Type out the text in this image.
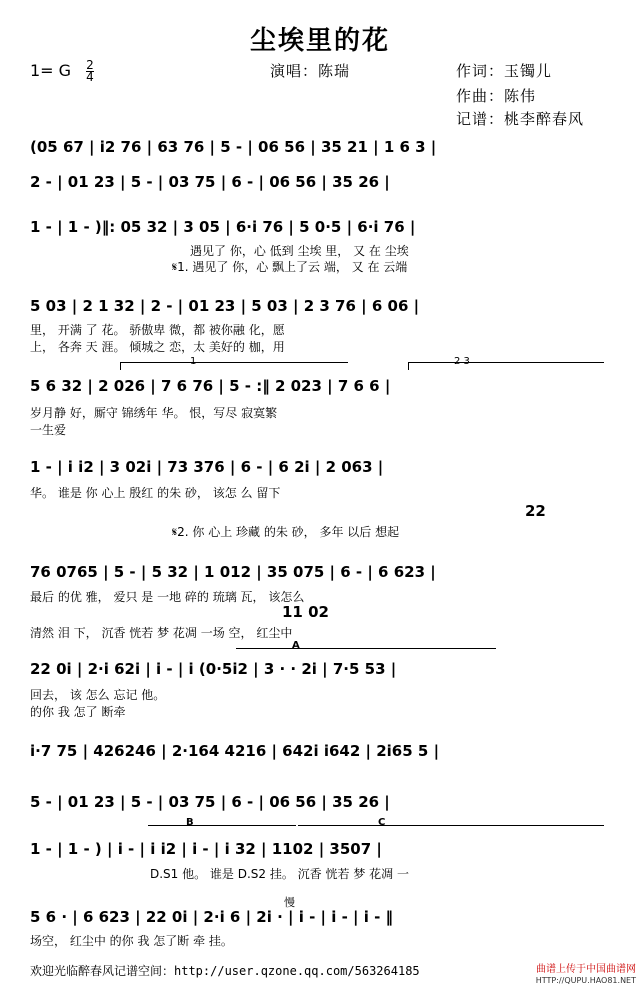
尘埃里的花
1= G $\frac{2}{4}$	演唱：陈瑞	作词：玉镯儿
作曲：陈伟
记谱：桃李醉春风
(05 67 | i2 76 | 63 76 | 5 - | 06 56 | 35 21 | 1 6 3 |
2 - | 01 23 | 5 - | 03 75 | 6 - | 06 56 | 35 26 |
1 - | 1 - )‖: 05 32 | 3 05 | 6·i 76 | 5 0·5 | 6·i 76 |
遇见了 你，心 低到 尘埃 里， 又 在 尘埃
𝄋1. 遇见了 你，心 飘上了云 端， 又 在 云端
5 03 | 2 1 32 | 2 - | 01 23 | 5 03 | 2 3 76 | 6 06 |
里， 开满 了 花。 骄傲卑 微，都 被你融 化，愿
上， 各奔 天 涯。 倾城之 恋，太 美好的 枷，用
1	2 3
5 6 32 | 2 026 | 7 6 76 | 5 - :‖ 2 023 | 7 6 6 |
岁月静 好，厮守 锦绣年 华。 恨，写尽 寂寞繁
一生爱
1 - | i i2 | 3 02i | 73 376 | 6 - | 6 2i | 2 063 |
华。 谁是 你 心上 殷红 的朱 砂， 该怎 么 留下
22
𝄋2. 你 心上 珍藏 的朱 砂， 多年 以后 想起
76 0765 | 5 - | 5 32 | 1 012 | 35 075 | 6 - | 6 623 |
最后 的优 雅， 爱只 是 一地 碎的 琉璃 瓦， 该怎么
11 02
清然 泪 下， 沉香 恍若 梦 花凋 一场 空， 红尘中
A
22 0i | 2·i 62i | i - | i (0·5i2 | 3 · · 2i | 7·5 53 |
回去， 该 怎么 忘记 他。
的你 我 怎了 断牵
i·7 75 | 426246 | 2·164 4216 | 642i i642 | 2i65 5 |
5 - | 01 23 | 5 - | 03 75 | 6 - | 06 56 | 35 26 |
B	C
1 - | 1 - ) | i - | i i2 | i - | i 32 | 1102 | 3507 |
D.S1 他。 谁是 D.S2 挂。 沉香 恍若 梦 花凋 一
慢
5 6 · | 6 623 | 22 0i | 2·i 6 | 2i · | i - | i - | i - ‖
场空， 红尘中 的你 我 怎了断 牵 挂。
欢迎光临醉春风记谱空间：http://user.qzone.qq.com/563264185	曲谱上传于中国曲谱网
HTTP://QUPU.HAO81.NET
